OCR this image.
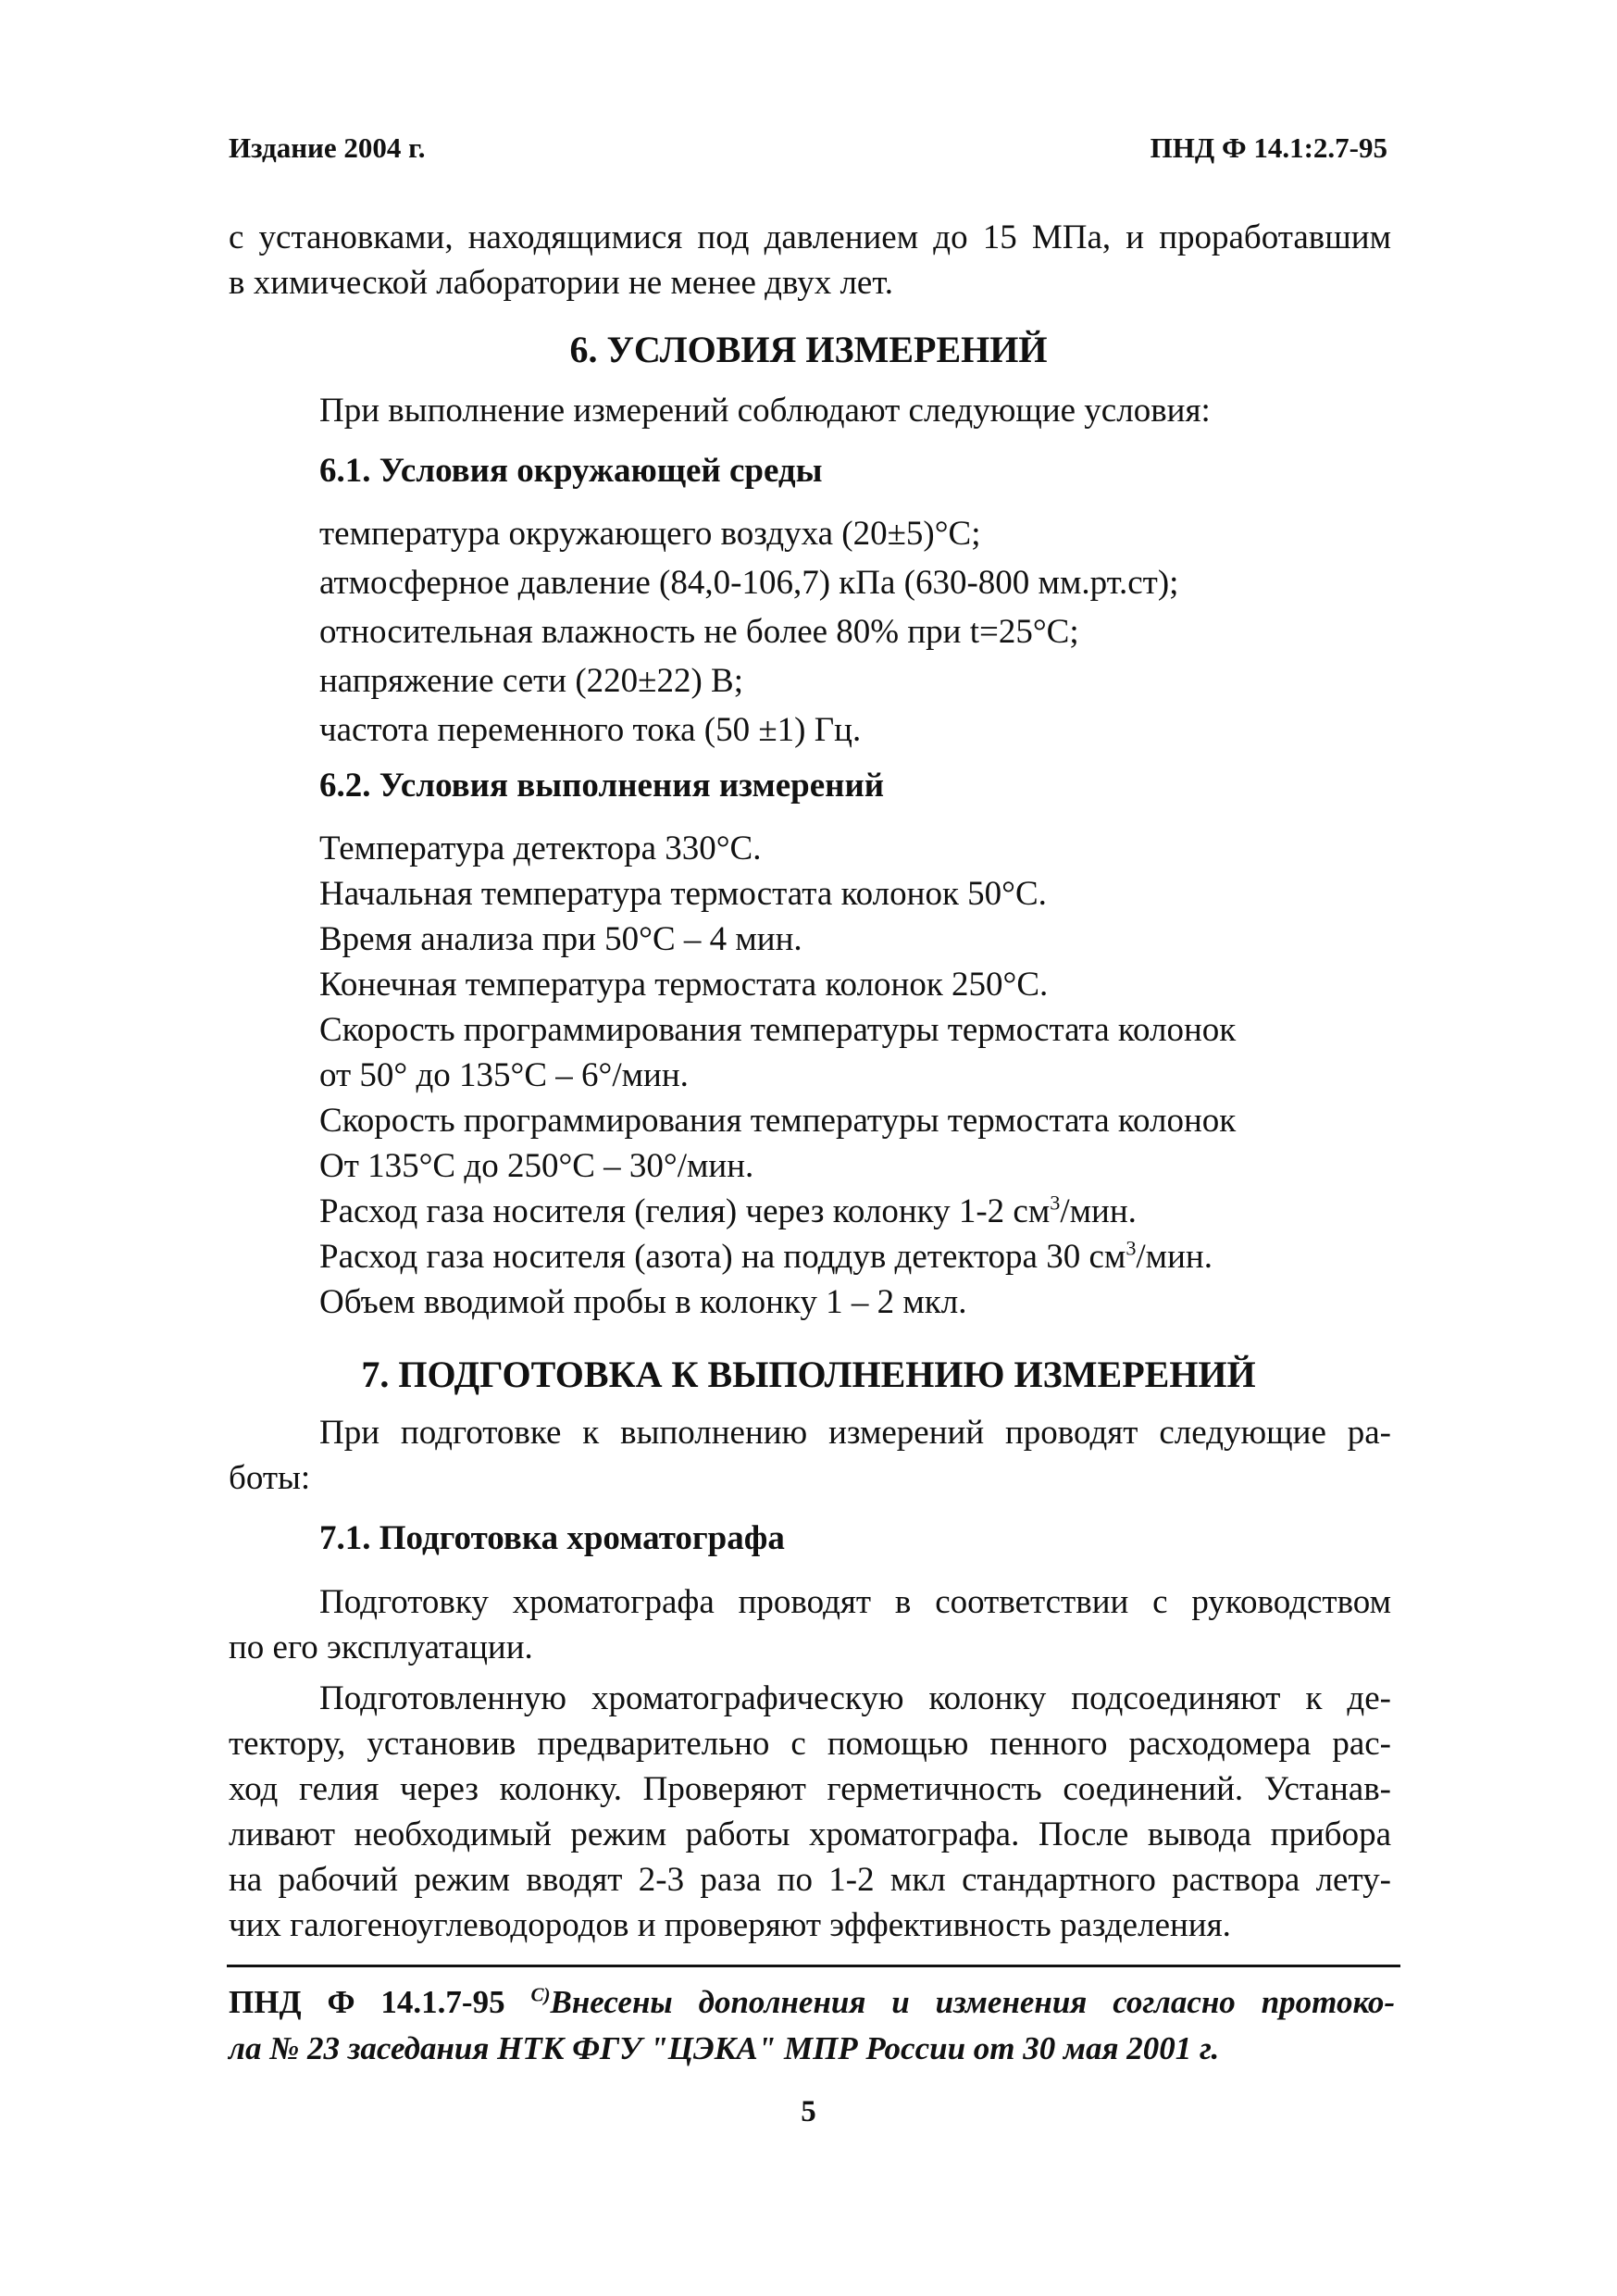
Издание 2004 г.	ПНД Ф 14.1:2.7-95
с установками, находящимися под давлением до 15 МПа, и проработавшим
в химической лаборатории не менее двух лет.
6. УСЛОВИЯ ИЗМЕРЕНИЙ
При выполнение измерений соблюдают следующие условия:
6.1. Условия окружающей среды
температура окружающего воздуха (20±5)°С;
атмосферное давление (84,0-106,7) кПа (630-800 мм.рт.ст);
относительная влажность не более 80% при t=25°С;
напряжение сети (220±22) В;
частота переменного тока (50 ±1) Гц.
6.2. Условия выполнения измерений
Температура детектора 330°С.
Начальная температура термостата колонок 50°С.
Время анализа при 50°С – 4 мин.
Конечная температура термостата колонок 250°С.
Скорость программирования температуры термостата колонок
от 50° до 135°С – 6°/мин.
Скорость программирования температуры термостата колонок
От 135°С до 250°С – 30°/мин.
Расход газа носителя (гелия) через колонку 1-2 $см^3$/мин.
Расход газа носителя (азота) на поддув детектора 30 $см^3$/мин.
Объем вводимой пробы в колонку 1 – 2 мкл.
7. ПОДГОТОВКА К ВЫПОЛНЕНИЮ ИЗМЕРЕНИЙ
При подготовке к выполнению измерений проводят следующие ра-
боты:
7.1. Подготовка хроматографа
Подготовку хроматографа проводят в соответствии с руководством
по его эксплуатации.
Подготовленную хроматографическую колонку подсоединяют к де-
тектору, установив предварительно с помощью пенного расходомера рас-
ход гелия через колонку. Проверяют герметичность соединений. Устанав-
ливают необходимый режим работы хроматографа. После вывода прибора
на рабочий режим вводят 2-3 раза по 1-2 мкл стандартного раствора лету-
чих галогеноуглеводородов и проверяют эффективность разделения.
ПНД Ф 14.1.7-95 $^{С)}$Внесены дополнения и изменения согласно протоко-
ла № 23 заседания НТК ФГУ "ЦЭКА" МПР России от 30 мая 2001 г.
5
